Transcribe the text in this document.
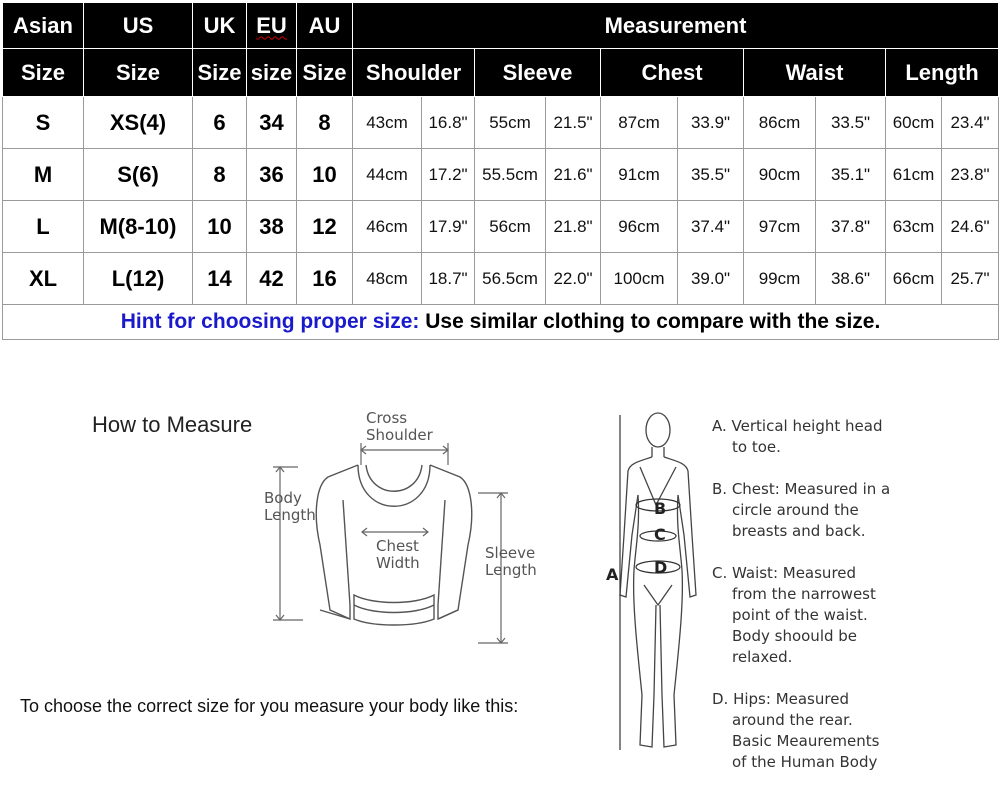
Asian	US	UK	EU	AU	Measurement									
Size	Size	Size	size	Size	Shoulder		Sleeve		Chest		Waist		Length	
S	XS(4)	6	34	8	43cm	16.8"	55cm	21.5"	87cm	33.9"	86cm	33.5"	60cm	23.4"
M	S(6)	8	36	10	44cm	17.2"	55.5cm	21.6"	91cm	35.5"	90cm	35.1"	61cm	23.8"
L	M(8-10)	10	38	12	46cm	17.9"	56cm	21.8"	96cm	37.4"	97cm	37.8"	63cm	24.6"
XL	L(12)	14	42	16	48cm	18.7"	56.5cm	22.0"	100cm	39.0"	99cm	38.6"	66cm	25.7"
Hint for choosing proper size: Use similar clothing to compare with the size.														
How to Measure	Cross
Shoulder
Body
Length
Chest
Width
Sleeve
Length
To choose the correct size for you measure your body like this:
B
C
D
A
A. Vertical height head
to toe.
B. Chest: Measured in a
circle around the
breasts and back.
C. Waist: Measured
from the narrowest
point of the waist.
Body shoould be
relaxed.
D. Hips: Measured
around the rear.
Basic Meaurements
of the Human Body
